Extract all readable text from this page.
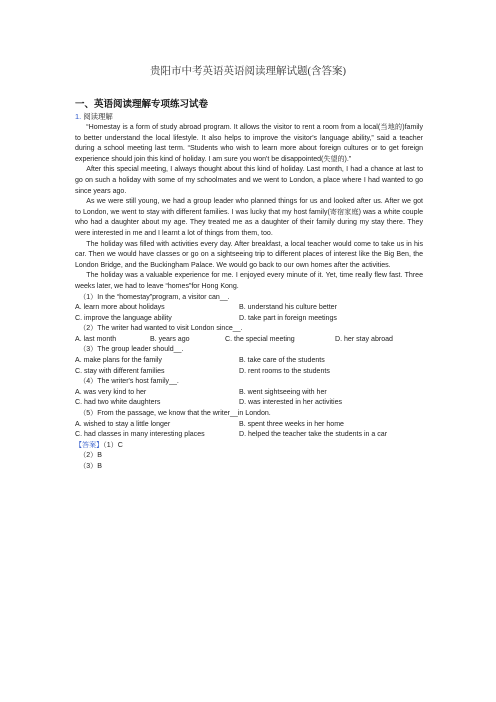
贵阳市中考英语英语阅读理解试题(含答案)
一、英语阅读理解专项练习试卷
1. 阅读理解

“Homestay is a form of study abroad program. It allows the visitor to rent a room from a local(当地的)family to better understand the local lifestyle. It also helps to improve the visitor's language ability,” said a teacher during a school meeting last term. “Students who wish to learn more about foreign cultures or to get foreign experience should join this kind of holiday. I am sure you won't be disappointed(失望的).”

After this special meeting, I always thought about this kind of holiday. Last month, I had a chance at last to go on such a holiday with some of my schoolmates and we went to London, a place where I had wanted to go since years ago.

As we were still young, we had a group leader who planned things for us and looked after us. After we got to London, we went to stay with different families. I was lucky that my host family(寄宿家庭) was a white couple who had a daughter about my age. They treated me as a daughter of their family during my stay there. They were interested in me and I learnt a lot of things from them, too.

The holiday was filled with activities every day. After breakfast, a local teacher would come to take us in his car. Then we would have classes or go on a sightseeing trip to different places of interest like the Big Ben, the London Bridge, and the Buckingham Palace. We would go back to our own homes after the activities.

The holiday was a valuable experience for me. I enjoyed every minute of it. Yet, time really flew fast. Three weeks later, we had to leave “homes”for Hong Kong.

（1）In the “homestay”program, a visitor can__.

A. learn more about holidays	B. understand his culture better
C. improve the language ability	D. take part in foreign meetings

（2）The writer had wanted to visit London since__.

A. last month	B. years ago	C. the special meeting	D. her stay abroad

（3）The group leader should__.

A. make plans for the family	B. take care of the students
C. stay with different families	D. rent rooms to the students

（4）The writer's host family__.

A. was very kind to her	B. went sightseeing with her
C. had two white daughters	D. was interested in her activities

（5）From the passage, we know that the writer__in London.

A. wished to stay a little longer	B. spent three weeks in her home
C. had classes in many interesting places	D. helped the teacher take the students in a car

【答案】（1）C

（2）B

（3）B
